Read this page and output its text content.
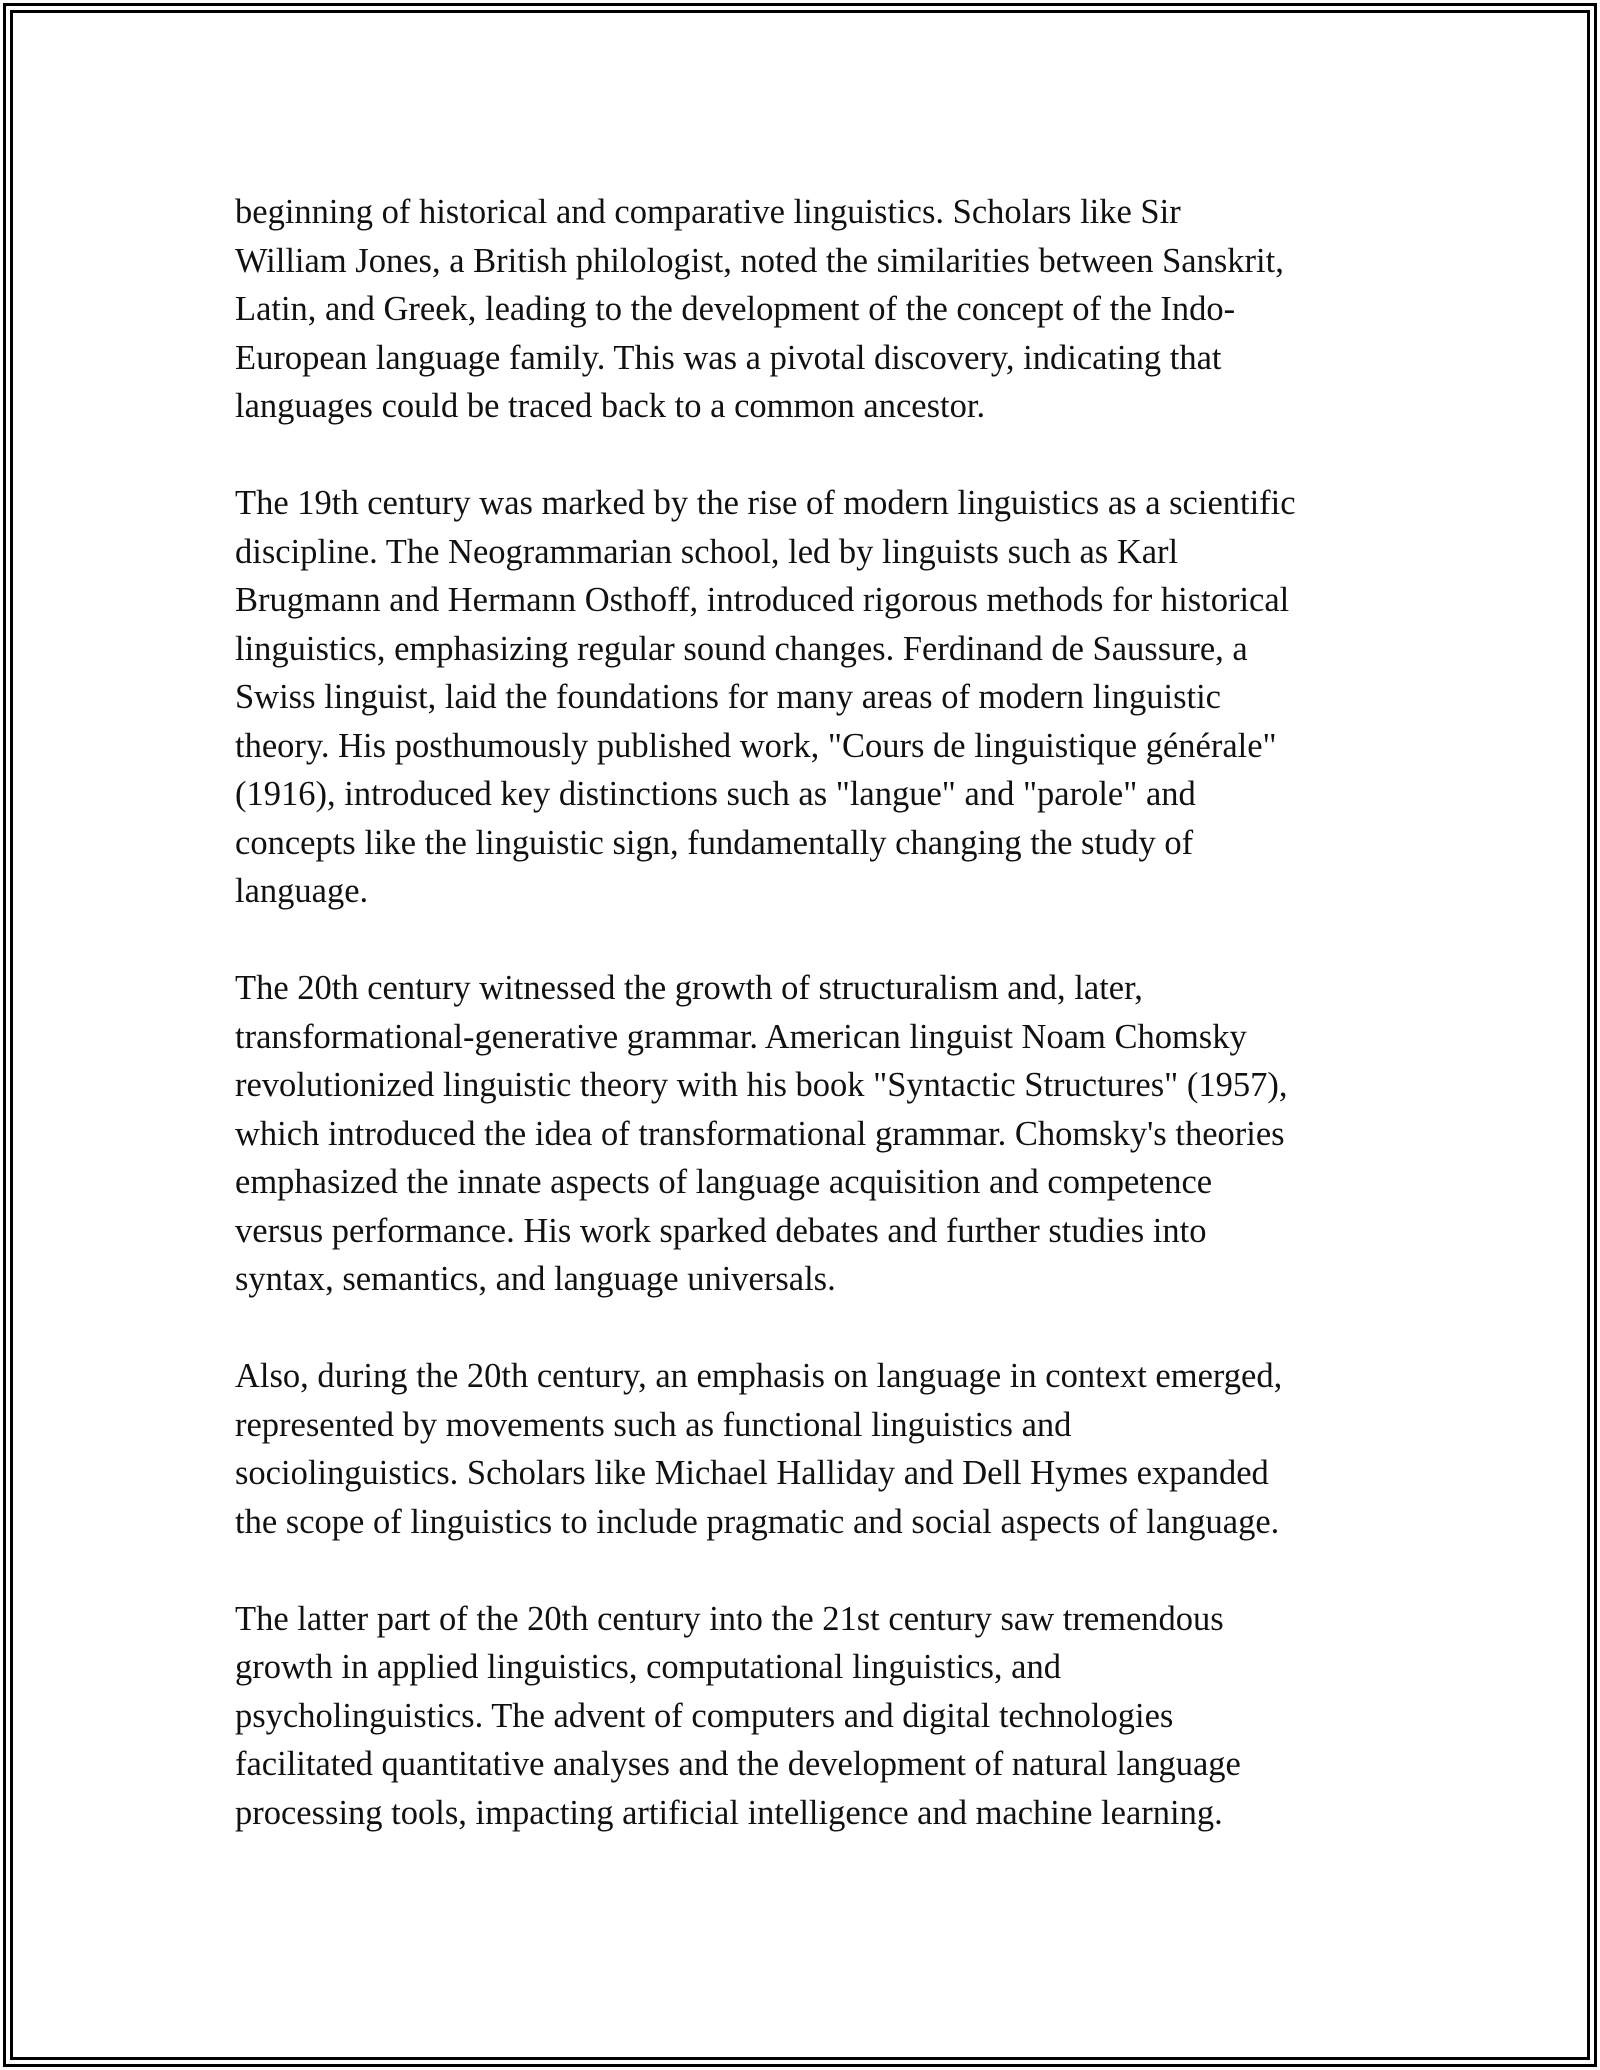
beginning of historical and comparative linguistics. Scholars like Sir
William Jones, a British philologist, noted the similarities between Sanskrit,
Latin, and Greek, leading to the development of the concept of the Indo-
European language family. This was a pivotal discovery, indicating that
languages could be traced back to a common ancestor.

The 19th century was marked by the rise of modern linguistics as a scientific
discipline. The Neogrammarian school, led by linguists such as Karl
Brugmann and Hermann Osthoff, introduced rigorous methods for historical
linguistics, emphasizing regular sound changes. Ferdinand de Saussure, a
Swiss linguist, laid the foundations for many areas of modern linguistic
theory. His posthumously published work, "Cours de linguistique générale"
(1916), introduced key distinctions such as "langue" and "parole" and
concepts like the linguistic sign, fundamentally changing the study of
language.

The 20th century witnessed the growth of structuralism and, later,
transformational-generative grammar. American linguist Noam Chomsky
revolutionized linguistic theory with his book "Syntactic Structures" (1957),
which introduced the idea of transformational grammar. Chomsky's theories
emphasized the innate aspects of language acquisition and competence
versus performance. His work sparked debates and further studies into
syntax, semantics, and language universals.

Also, during the 20th century, an emphasis on language in context emerged,
represented by movements such as functional linguistics and
sociolinguistics. Scholars like Michael Halliday and Dell Hymes expanded
the scope of linguistics to include pragmatic and social aspects of language.

The latter part of the 20th century into the 21st century saw tremendous
growth in applied linguistics, computational linguistics, and
psycholinguistics. The advent of computers and digital technologies
facilitated quantitative analyses and the development of natural language
processing tools, impacting artificial intelligence and machine learning.
